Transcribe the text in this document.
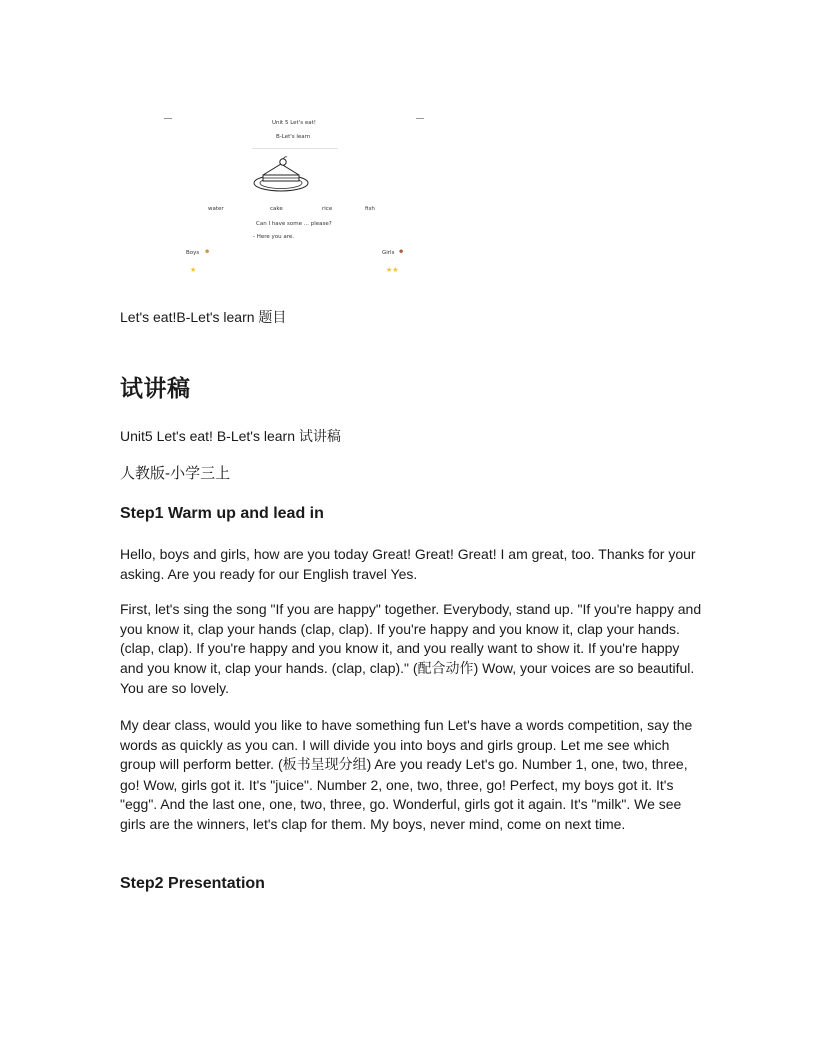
Unit 5 Let's eat!
B-Let's learn
water	cake	rice	fish
Can I have some ... please?
- Here you are.
Boys ☻	Girls ☻
★	★★
Let's eat!B-Let's learn 题目
试讲稿
Unit5 Let's eat! B-Let's learn 试讲稿
人教版-小学三上
Step1 Warm up and lead in

Hello, boys and girls, how are you today Great! Great! Great! I am great, too. Thanks for your asking. Are you ready for our English travel Yes.

First, let's sing the song "If you are happy" together. Everybody, stand up. "If you're happy and you know it, clap your hands (clap, clap). If you're happy and you know it, clap your hands. (clap, clap). If you're happy and you know it, and you really want to show it. If you're happy and you know it, clap your hands. (clap, clap)." (配合动作) Wow, your voices are so beautiful. You are so lovely.

My dear class, would you like to have something fun Let's have a words competition, say the words as quickly as you can. I will divide you into boys and girls group. Let me see which group will perform better. (板书呈现分组) Are you ready Let's go. Number 1, one, two, three, go! Wow, girls got it. It's "juice". Number 2, one, two, three, go! Perfect, my boys got it. It's "egg". And the last one, one, two, three, go. Wonderful, girls got it again. It's "milk". We see girls are the winners, let's clap for them. My boys, never mind, come on next time.

Step2 Presentation
